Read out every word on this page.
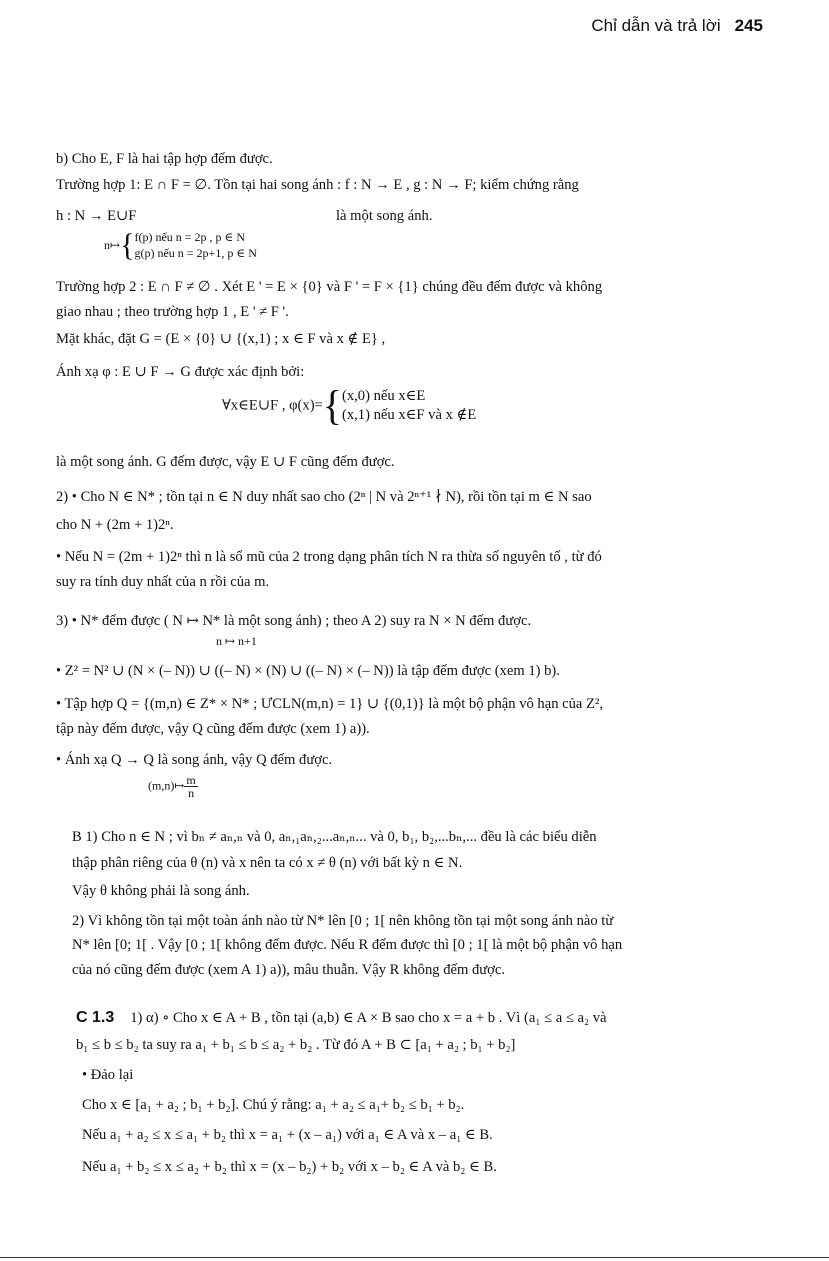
Chỉ dẫn và trả lời 245
b) Cho E, F là hai tập hợp đếm được.
Trường hợp 1: E ∩ F = ∅. Tồn tại hai song ánh : f : N → E , g : N → F; kiểm chứng rằng
h : N → E∪F	là một song ánh.
n↦{ f(p) nếu n = 2p , p ∈ N
g(p) nếu n = 2p+1, p ∈ N
Trường hợp 2 : E ∩ F ≠ ∅ . Xét E ' = E × {0} và F ' = F × {1} chúng đều đếm được và không
giao nhau ; theo trường hợp 1 , E ' ≠ F '.
Mặt khác, đặt G = (E × {0} ∪ {(x,1) ; x ∈ F và x ∉ E} ,
Ánh xạ φ : E ∪ F → G được xác định bởi:
∀x∈E∪F , φ(x)={ (x,0) nếu x∈E
(x,1) nếu x∈F và x ∉E
là một song ánh. G đếm được, vậy E ∪ F cũng đếm được.
2) • Cho N ∈ N* ; tồn tại n ∈ N duy nhất sao cho (2ⁿ | N và 2ⁿ⁺¹ ∤ N), rồi tồn tại m ∈ N sao
cho N + (2m + 1)2ⁿ.
• Nếu N = (2m + 1)2ⁿ thì n là số mũ của 2 trong dạng phân tích N ra thừa số nguyên tố , từ đó
suy ra tính duy nhất của n rồi của m.
3) • N* đếm được ( N ↦ N* là một song ánh) ; theo A 2) suy ra N × N đếm được.
n ↦ n+1
• Z² = N² ∪ (N × (– N)) ∪ ((– N) × (N) ∪ ((– N) × (– N)) là tập đếm được (xem 1) b).
• Tập hợp Q = {(m,n) ∈ Z* × N* ; ƯCLN(m,n) = 1} ∪ {(0,1)} là một bộ phận vô hạn của Z²,
tập này đếm được, vậy Q cũng đếm được (xem 1) a)).
• Ánh xạ Q → Q là song ánh, vậy Q đếm được.
(m,n)↦ $\frac{m}{n}$
B 1) Cho n ∈ N ; vì bₙ ≠ aₙ,ₙ và 0, aₙ,₁aₙ,₂...aₙ,ₙ... và 0, b₁, b₂,...bₙ,... đều là các biểu diễn
thập phân riêng của θ (n) và x nên ta có x ≠ θ (n) với bất kỳ n ∈ N.
Vậy θ không phải là song ánh.
2) Vì không tồn tại một toàn ánh nào từ N* lên [0 ; 1[ nên không tồn tại một song ánh nào từ
N* lên [0; 1[ . Vậy [0 ; 1[ không đếm được. Nếu R đếm được thì [0 ; 1[ là một bộ phận vô hạn
của nó cũng đếm được (xem A 1) a)), mâu thuẫn. Vậy R không đếm được.
C 1.3 1) α) ∘ Cho x ∈ A + B , tồn tại (a,b) ∈ A × B sao cho x = a + b . Vì (a₁ ≤ a ≤ a₂ và
b₁ ≤ b ≤ b₂ ta suy ra a₁ + b₁ ≤ b ≤ a₂ + b₂ . Từ đó A + B ⊂ [a₁ + a₂ ; b₁ + b₂]
• Đảo lại
Cho x ∈ [a₁ + a₂ ; b₁ + b₂]. Chú ý rằng: a₁ + a₂ ≤ a₁+ b₂ ≤ b₁ + b₂.
Nếu a₁ + a₂ ≤ x ≤ a₁ + b₂ thì x = a₁ + (x – a₁) với a₁ ∈ A và x – a₁ ∈ B.
Nếu a₁ + b₂ ≤ x ≤ a₂ + b₂ thì x = (x – b₂) + b₂ với x – b₂ ∈ A và b₂ ∈ B.
